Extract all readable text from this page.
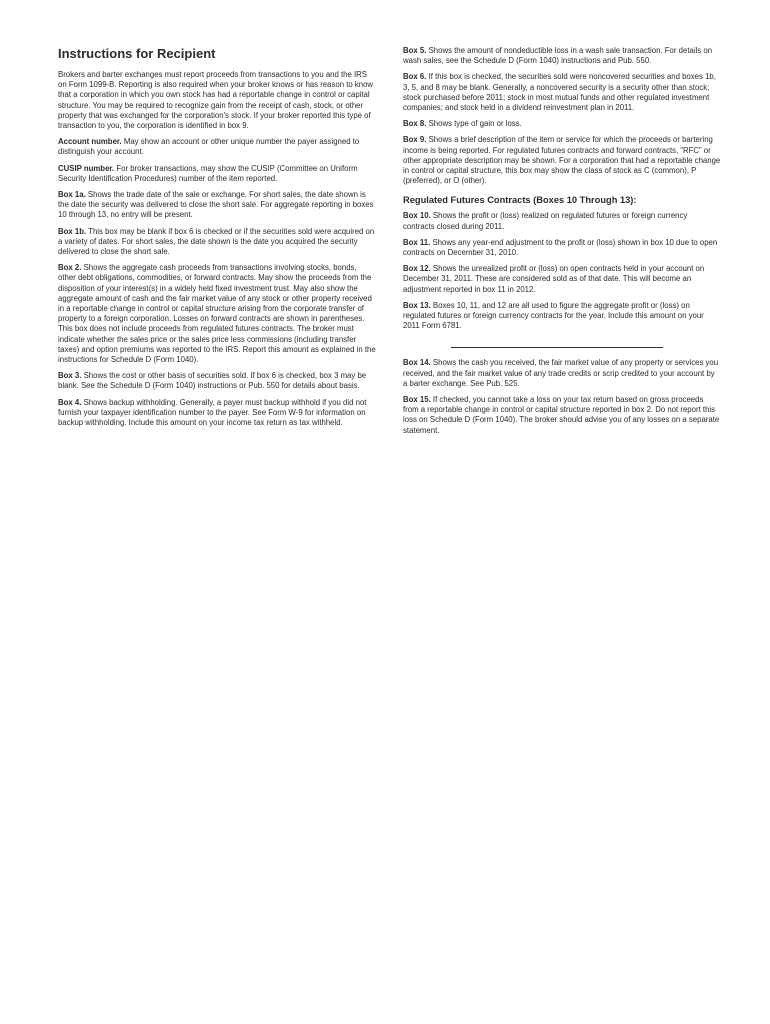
Instructions for Recipient

Brokers and barter exchanges must report proceeds from transactions to you and the IRS on Form 1099-B. Reporting is also required when your broker knows or has reason to know that a corporation in which you own stock has had a reportable change in control or capital structure. You may be required to recognize gain from the receipt of cash, stock, or other property that was exchanged for the corporation's stock. If your broker reported this type of transaction to you, the corporation is identified in box 9.

Account number. May show an account or other unique number the payer assigned to distinguish your account.

CUSIP number. For broker transactions, may show the CUSIP (Committee on Uniform Security Identification Procedures) number of the item reported.

Box 1a. Shows the trade date of the sale or exchange. For short sales, the date shown is the date the security was delivered to close the short sale. For aggregate reporting in boxes 10 through 13, no entry will be present.

Box 1b. This box may be blank if box 6 is checked or if the securities sold were acquired on a variety of dates. For short sales, the date shown is the date you acquired the security delivered to close the short sale.

Box 2. Shows the aggregate cash proceeds from transactions involving stocks, bonds, other debt obligations, commodities, or forward contracts. May show the proceeds from the disposition of your interest(s) in a widely held fixed investment trust. May also show the aggregate amount of cash and the fair market value of any stock or other property received in a reportable change in control or capital structure arising from the corporate transfer of property to a foreign corporation. Losses on forward contracts are shown in parentheses. This box does not include proceeds from regulated futures contracts. The broker must indicate whether the sales price or the sales price less commissions (including transfer taxes) and option premiums was reported to the IRS. Report this amount as explained in the instructions for Schedule D (Form 1040).

Box 3. Shows the cost or other basis of securities sold. If box 6 is checked, box 3 may be blank. See the Schedule D (Form 1040) instructions or Pub. 550 for details about basis.

Box 4. Shows backup withholding. Generally, a payer must backup withhold if you did not furnish your taxpayer identification number to the payer. See Form W-9 for information on backup withholding. Include this amount on your income tax return as tax withheld.

Box 5. Shows the amount of nondeductible loss in a wash sale transaction. For details on wash sales, see the Schedule D (Form 1040) instructions and Pub. 550.

Box 6. If this box is checked, the securities sold were noncovered securities and boxes 1b, 3, 5, and 8 may be blank. Generally, a noncovered security is a security other than stock; stock purchased before 2011; stock in most mutual funds and other regulated investment companies; and stock held in a dividend reinvestment plan in 2011.

Box 8. Shows type of gain or loss.

Box 9. Shows a brief description of the item or service for which the proceeds or bartering income is being reported. For regulated futures contracts and forward contracts, “RFC” or other appropriate description may be shown. For a corporation that had a reportable change in control or capital structure, this box may show the class of stock as C (common), P (preferred), or O (other).

Regulated Futures Contracts (Boxes 10 Through 13):

Box 10. Shows the profit or (loss) realized on regulated futures or foreign currency contracts closed during 2011.

Box 11. Shows any year-end adjustment to the profit or (loss) shown in box 10 due to open contracts on December 31, 2010.

Box 12. Shows the unrealized profit or (loss) on open contracts held in your account on December 31, 2011. These are considered sold as of that date. This will become an adjustment reported in box 11 in 2012.

Box 13. Boxes 10, 11, and 12 are all used to figure the aggregate profit or (loss) on regulated futures or foreign currency contracts for the year. Include this amount on your 2011 Form 6781.

Box 14. Shows the cash you received, the fair market value of any property or services you received, and the fair market value of any trade credits or scrip credited to your account by a barter exchange. See Pub. 525.

Box 15. If checked, you cannot take a loss on your tax return based on gross proceeds from a reportable change in control or capital structure reported in box 2. Do not report this loss on Schedule D (Form 1040). The broker should advise you of any losses on a separate statement.
